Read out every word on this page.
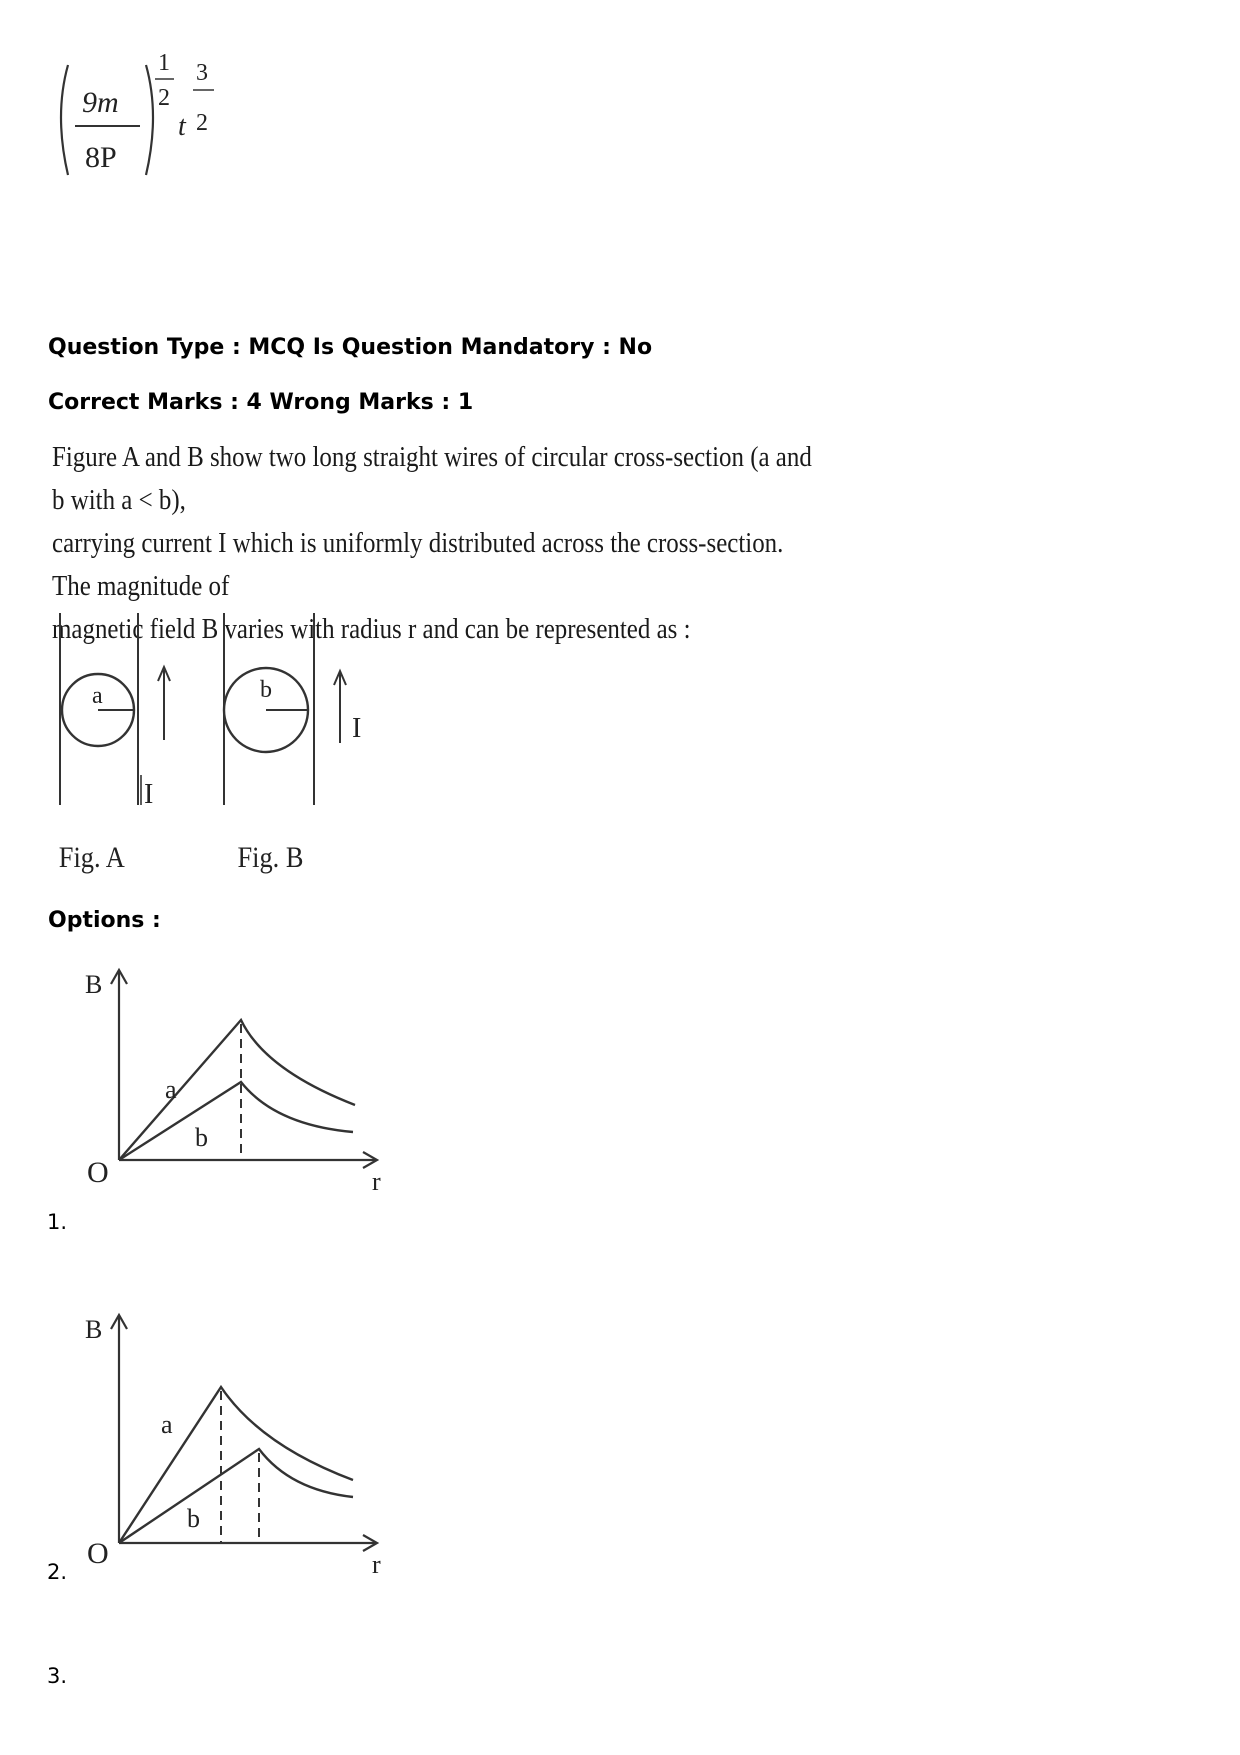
9m
8P
1
2
t
3
2
Question Type : MCQ Is Question Mandatory : No
Correct Marks : 4 Wrong Marks : 1
Figure A and B show two long straight wires of circular cross-section (a and b with a < b),
carrying current I which is uniformly distributed across the cross-section. The magnitude of
magnetic field B varies with radius r and can be represented as :
a
I
Fig. A
b
I
Fig. B
Options :
B
r
O
a
b
1.
B
r
O
a
b
2.
3.
